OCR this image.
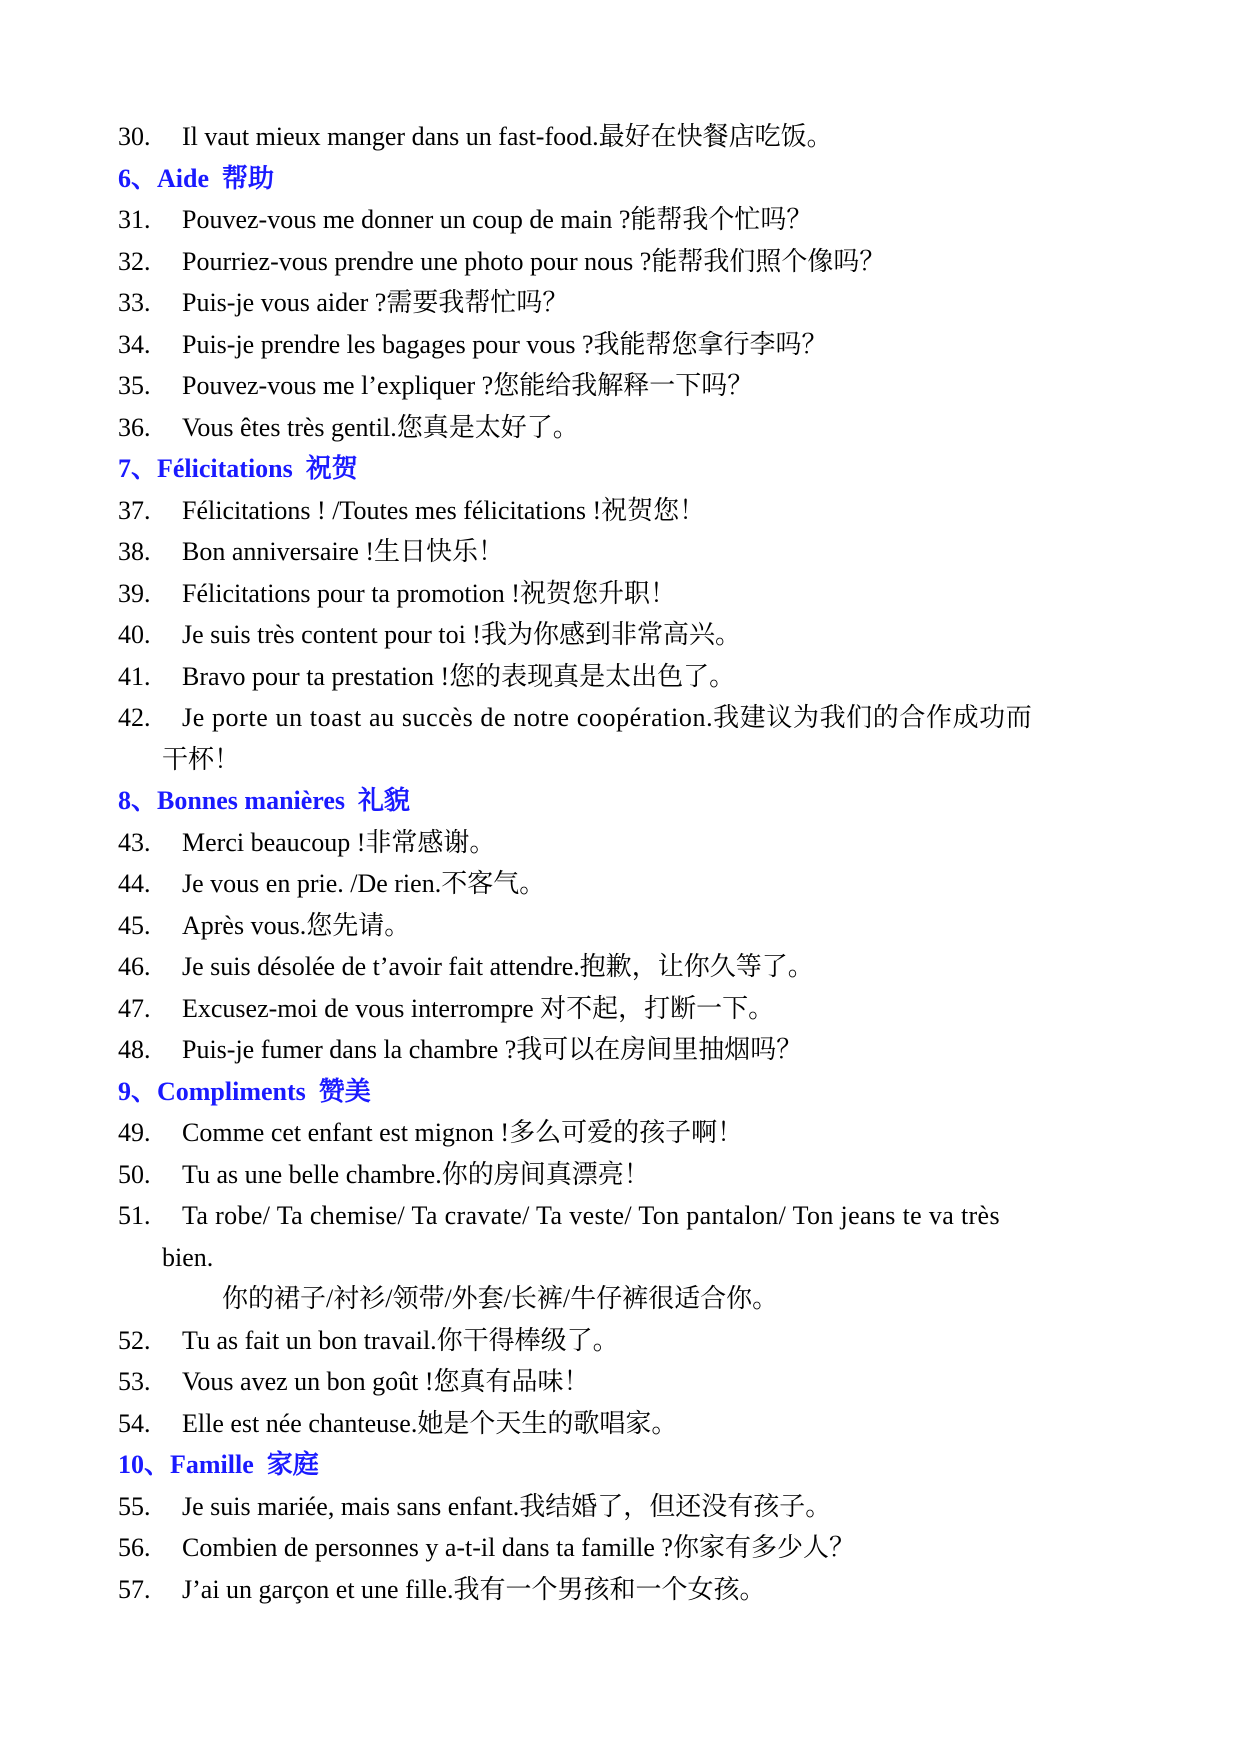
30.	Il vaut mieux manger dans un fast-food.最好在快餐店吃饭。
6、Aide 帮助
31.	Pouvez-vous me donner un coup de main ?能帮我个忙吗？
32.	Pourriez-vous prendre une photo pour nous ?能帮我们照个像吗？
33.	Puis-je vous aider ?需要我帮忙吗？
34.	Puis-je prendre les bagages pour vous ?我能帮您拿行李吗？
35.	Pouvez-vous me l’expliquer ?您能给我解释一下吗？
36.	Vous êtes très gentil.您真是太好了。
7、Félicitations 祝贺
37.	Félicitations ! /Toutes mes félicitations !祝贺您！
38.	Bon anniversaire !生日快乐！
39.	Félicitations pour ta promotion !祝贺您升职！
40.	Je suis très content pour toi !我为你感到非常高兴。
41.	Bravo pour ta prestation !您的表现真是太出色了。
42.	Je porte un toast au succès de notre coopération.我建议为我们的合作成功而
干杯！
8、Bonnes manières 礼貌
43.	Merci beaucoup !非常感谢。
44.	Je vous en prie. /De rien.不客气。
45.	Après vous.您先请。
46.	Je suis désolée de t’avoir fait attendre.抱歉，让你久等了。
47.	Excusez-moi de vous interrompre 对不起，打断一下。
48.	Puis-je fumer dans la chambre ?我可以在房间里抽烟吗？
9、Compliments 赞美
49.	Comme cet enfant est mignon !多么可爱的孩子啊！
50.	Tu as une belle chambre.你的房间真漂亮！
51.	Ta robe/ Ta chemise/ Ta cravate/ Ta veste/ Ton pantalon/ Ton jeans te va très
bien.
你的裙子/衬衫/领带/外套/长裤/牛仔裤很适合你。
52.	Tu as fait un bon travail.你干得棒级了。
53.	Vous avez un bon goût !您真有品味！
54.	Elle est née chanteuse.她是个天生的歌唱家。
10、Famille 家庭
55.	Je suis mariée, mais sans enfant.我结婚了，但还没有孩子。
56.	Combien de personnes y a-t-il dans ta famille ?你家有多少人？
57.	J’ai un garçon et une fille.我有一个男孩和一个女孩。
